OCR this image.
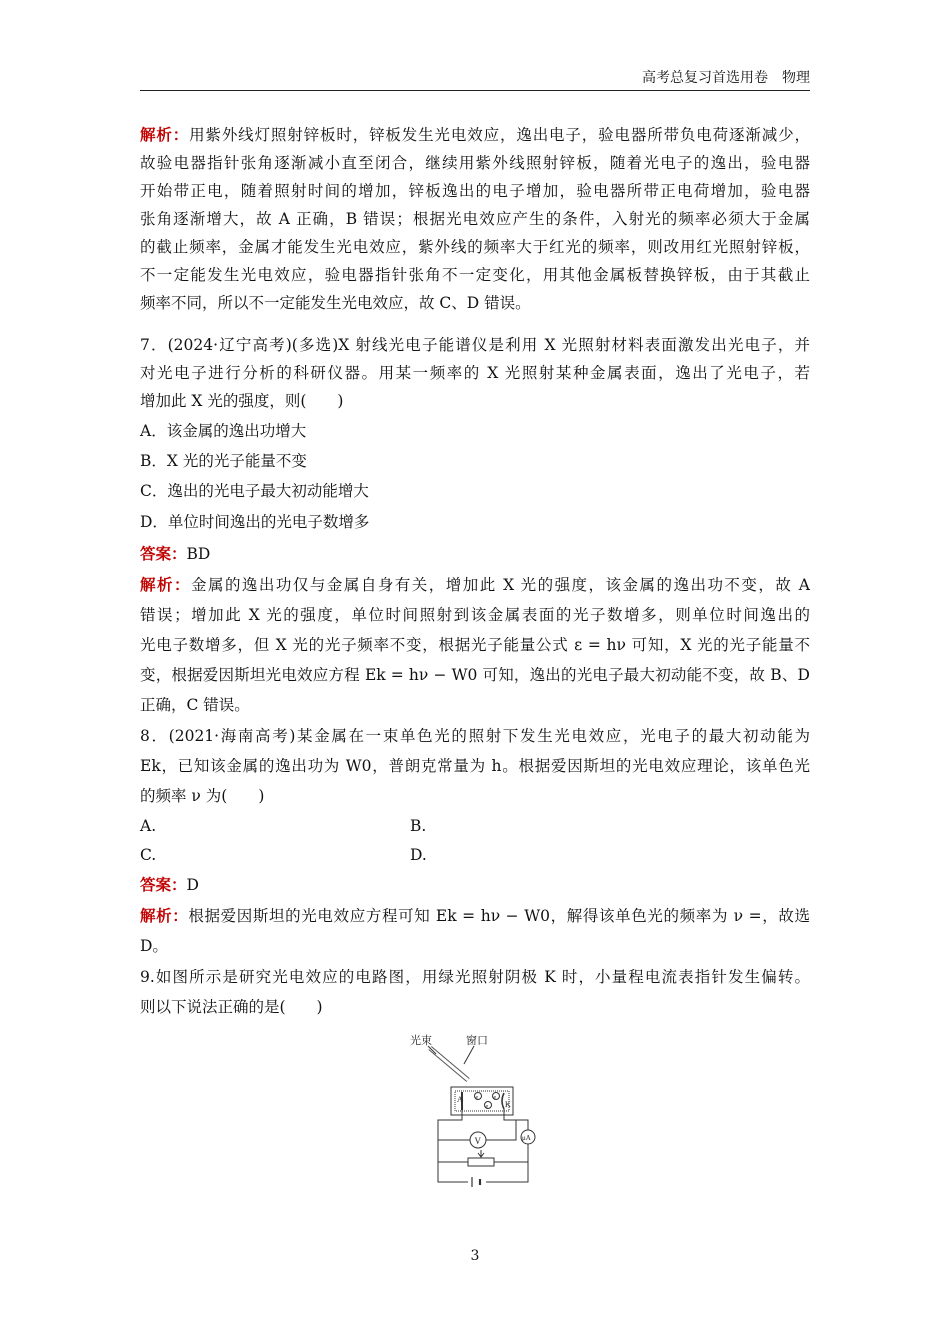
高考总复习首选用卷　物理
解析：用紫外线灯照射锌板时，锌板发生光电效应，逸出电子，验电器所带负电荷逐渐减少，
故验电器指针张角逐渐减小直至闭合，继续用紫外线照射锌板，随着光电子的逸出，验电器
开始带正电，随着照射时间的增加，锌板逸出的电子增加，验电器所带正电荷增加，验电器
张角逐渐增大，故 A 正确，B 错误；根据光电效应产生的条件，入射光的频率必须大于金属
的截止频率，金属才能发生光电效应，紫外线的频率大于红光的频率，则改用红光照射锌板，
不一定能发生光电效应，验电器指针张角不一定变化，用其他金属板替换锌板，由于其截止
频率不同，所以不一定能发生光电效应，故 C、D 错误。
7．(2024·辽宁高考)(多选)X 射线光电子能谱仪是利用 X 光照射材料表面激发出光电子，并
对光电子进行分析的科研仪器。用某一频率的 X 光照射某种金属表面，逸出了光电子，若
增加此 X 光的强度，则(　　)
A．该金属的逸出功增大
B．X 光的光子能量不变
C．逸出的光电子最大初动能增大
D．单位时间逸出的光电子数增多
答案：BD
解析：金属的逸出功仅与金属自身有关，增加此 X 光的强度，该金属的逸出功不变，故 A
错误；增加此 X 光的强度，单位时间照射到该金属表面的光子数增多，则单位时间逸出的
光电子数增多，但 X 光的光子频率不变，根据光子能量公式 ε = hν 可知，X 光的光子能量不
变，根据爱因斯坦光电效应方程 Ek = hν − W0 可知，逸出的光电子最大初动能不变，故 B、D
正确，C 错误。
8．(2021·海南高考)某金属在一束单色光的照射下发生光电效应，光电子的最大初动能为
Ek，已知该金属的逸出功为 W0，普朗克常量为 h。根据爱因斯坦的光电效应理论，该单色光
的频率 ν 为(　　)
A.	B.
C.	D.
答案：D
解析：根据爱因斯坦的光电效应方程可知 Ek = hν − W0，解得该单色光的频率为 ν =，故选
D。
9.如图所示是研究光电效应的电路图，用绿光照射阴极 K 时，小量程电流表指针发生偏转。
则以下说法正确的是(　　)
光束	窗口
A
K
e
e
e
V	μA
3
